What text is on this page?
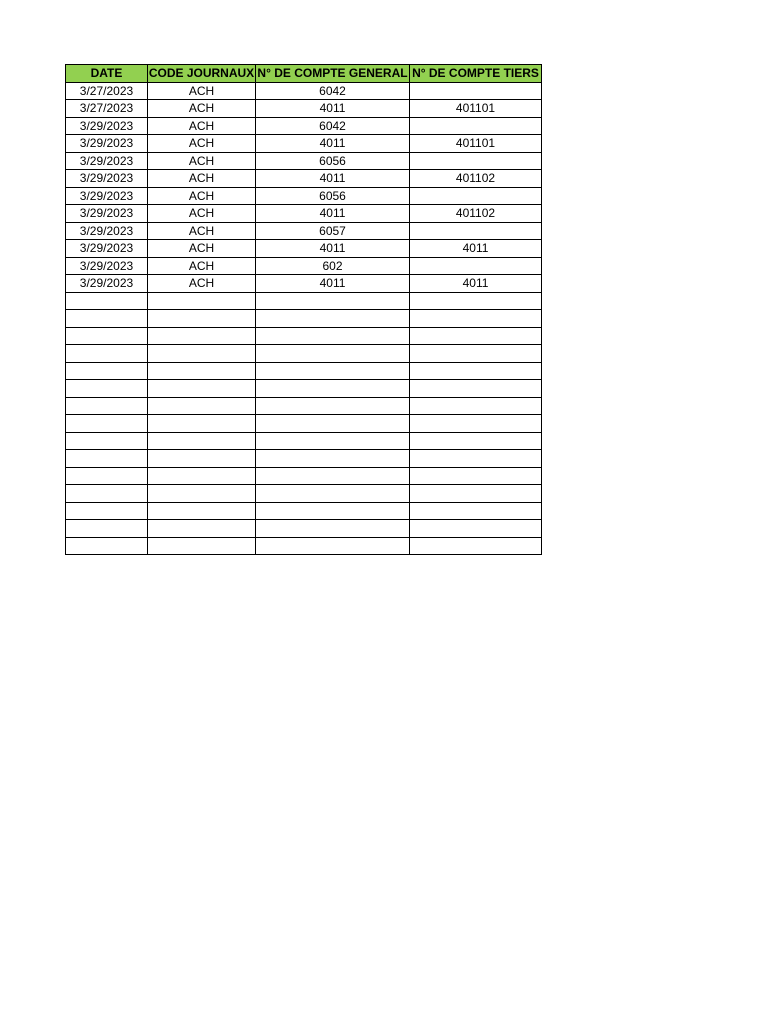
DATE	CODE JOURNAUX	N° DE COMPTE GENERAL	N° DE COMPTE TIERS
3/27/2023	ACH	6042	
3/27/2023	ACH	4011	401101
3/29/2023	ACH	6042	
3/29/2023	ACH	4011	401101
3/29/2023	ACH	6056	
3/29/2023	ACH	4011	401102
3/29/2023	ACH	6056	
3/29/2023	ACH	4011	401102
3/29/2023	ACH	6057	
3/29/2023	ACH	4011	4011
3/29/2023	ACH	602	
3/29/2023	ACH	4011	4011
